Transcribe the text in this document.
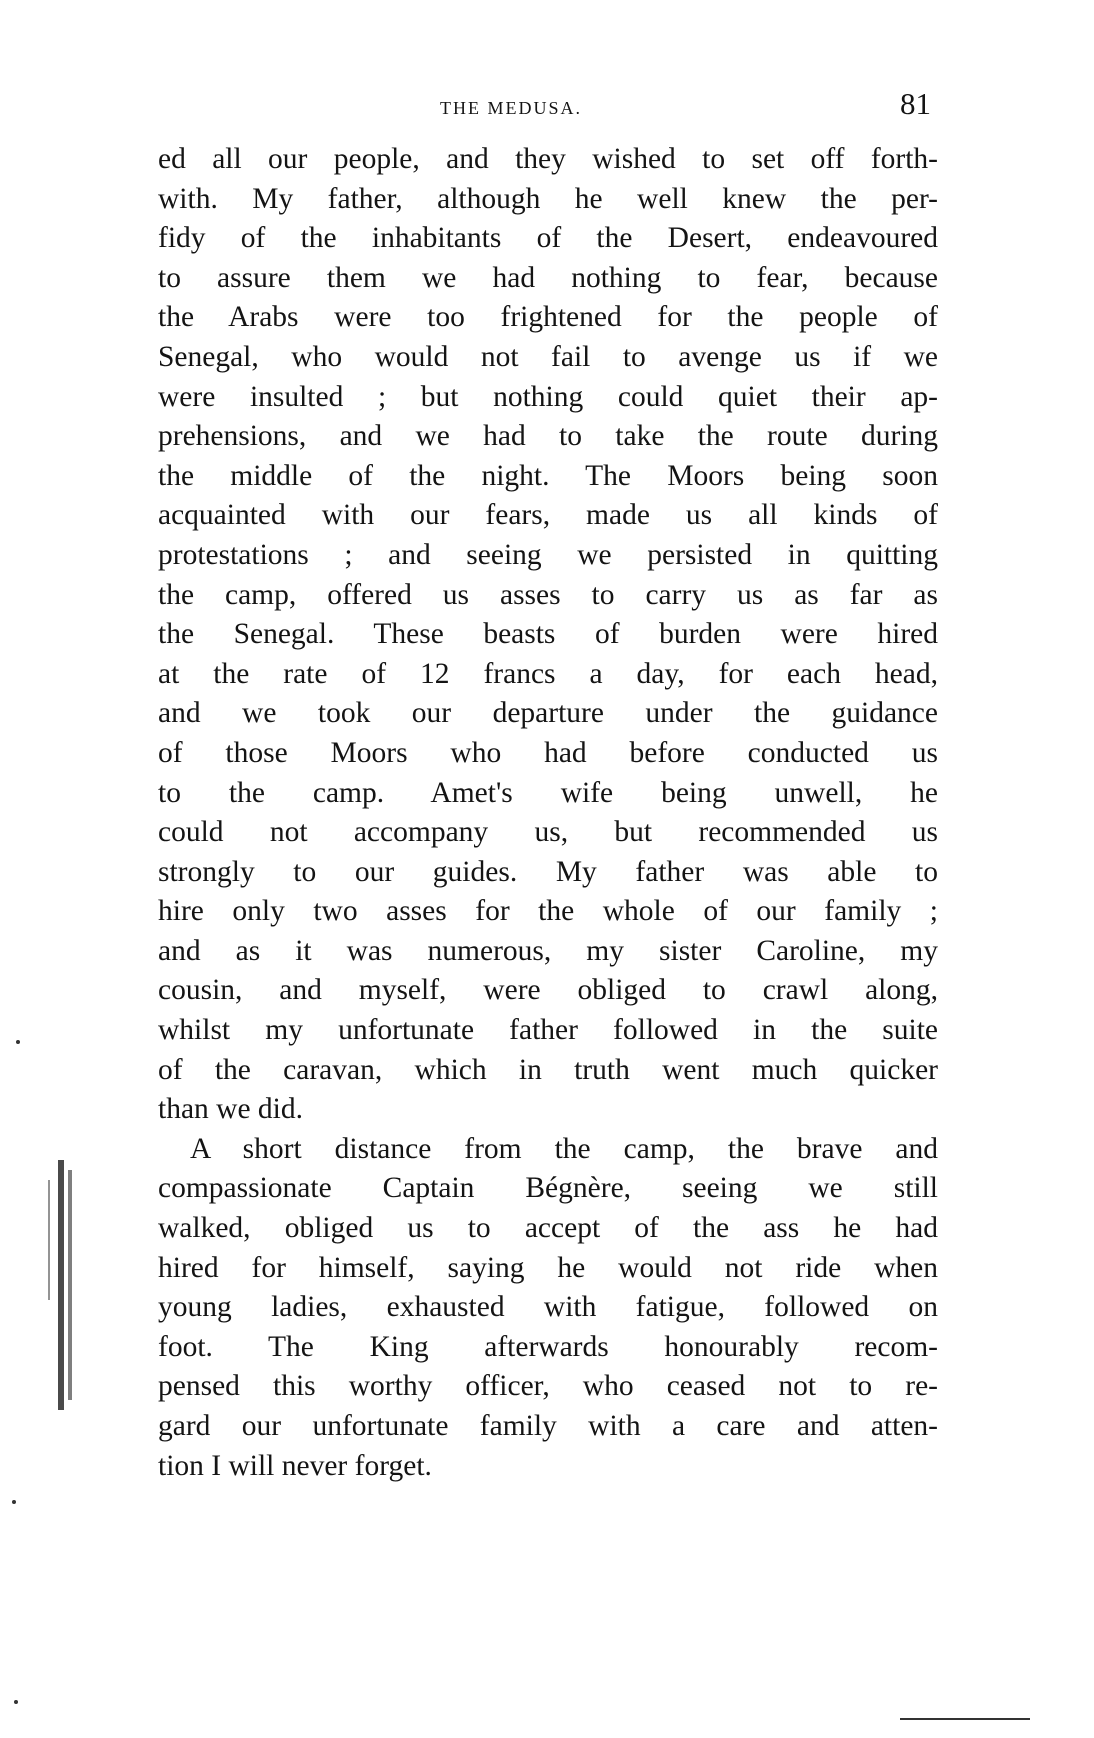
THE MEDUSA.	81
ed all our people, and they wished to set off forth-
with. My father, although he well knew the per-
fidy of the inhabitants of the Desert, endeavoured
to assure them we had nothing to fear, because
the Arabs were too frightened for the people of
Senegal, who would not fail to avenge us if we
were insulted ; but nothing could quiet their ap-
prehensions, and we had to take the route during
the middle of the night. The Moors being soon
acquainted with our fears, made us all kinds of
protestations ; and seeing we persisted in quitting
the camp, offered us asses to carry us as far as
the Senegal. These beasts of burden were hired
at the rate of 12 francs a day, for each head,
and we took our departure under the guidance
of those Moors who had before conducted us
to the camp. Amet's wife being unwell, he
could not accompany us, but recommended us
strongly to our guides. My father was able to
hire only two asses for the whole of our family ;
and as it was numerous, my sister Caroline, my
cousin, and myself, were obliged to crawl along,
whilst my unfortunate father followed in the suite
of the caravan, which in truth went much quicker
than we did.
A short distance from the camp, the brave and
compassionate Captain Bégnère, seeing we still
walked, obliged us to accept of the ass he had
hired for himself, saying he would not ride when
young ladies, exhausted with fatigue, followed on
foot. The King afterwards honourably recom-
pensed this worthy officer, who ceased not to re-
gard our unfortunate family with a care and atten-
tion I will never forget.
